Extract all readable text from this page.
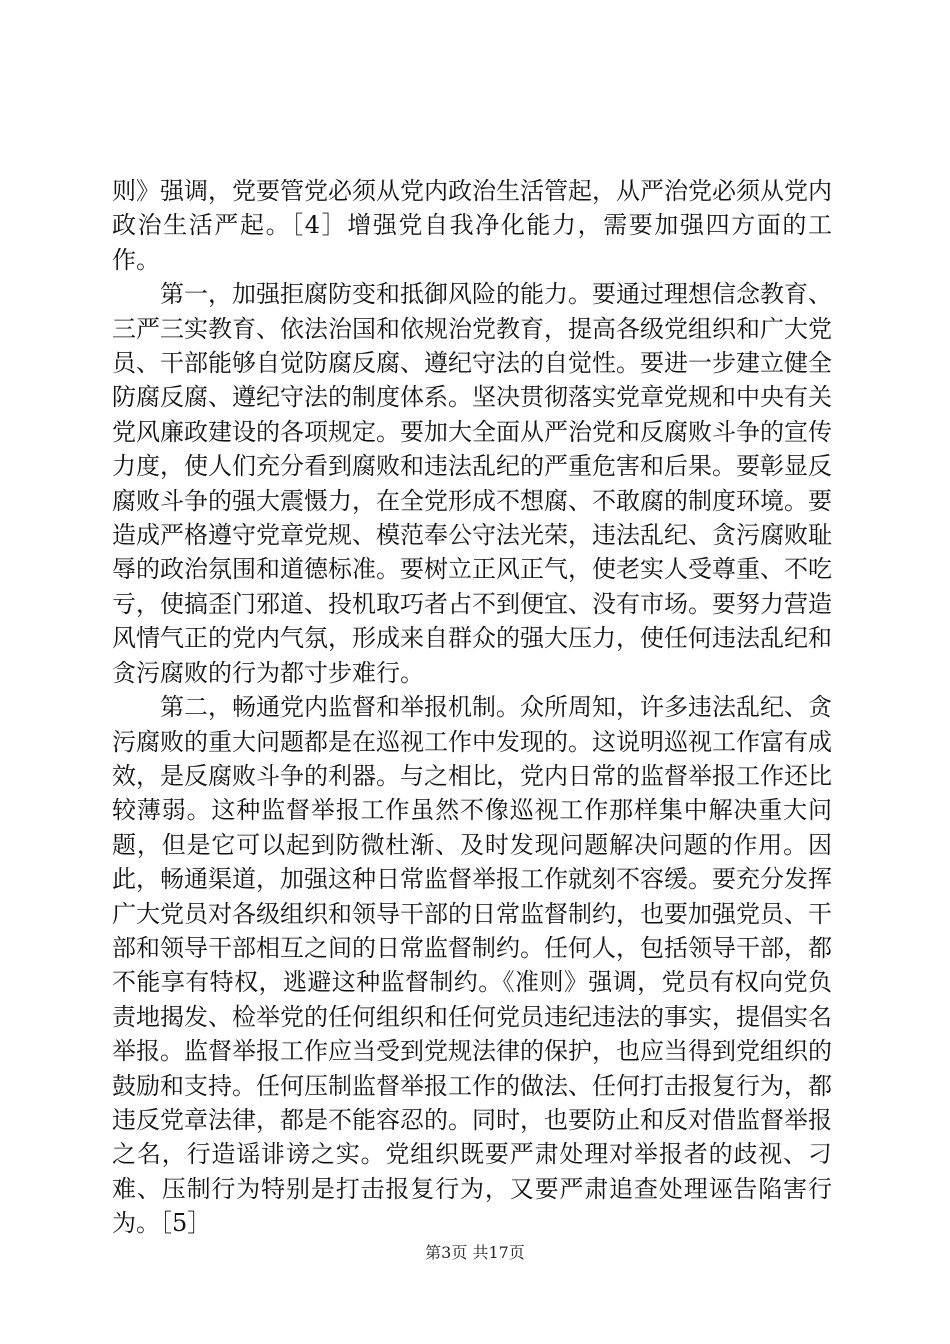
则》强调，党要管党必须从党内政治生活管起，从严治党必须从党内政治生活严起。［4］增强党自我净化能力，需要加强四方面的工作。

第一，加强拒腐防变和抵御风险的能力。要通过理想信念教育、三严三实教育、依法治国和依规治党教育，提高各级党组织和广大党员、干部能够自觉防腐反腐、遵纪守法的自觉性。要进一步建立健全防腐反腐、遵纪守法的制度体系。坚决贯彻落实党章党规和中央有关党风廉政建设的各项规定。要加大全面从严治党和反腐败斗争的宣传力度，使人们充分看到腐败和违法乱纪的严重危害和后果。要彰显反腐败斗争的强大震慑力，在全党形成不想腐、不敢腐的制度环境。要造成严格遵守党章党规、模范奉公守法光荣，违法乱纪、贪污腐败耻辱的政治氛围和道德标准。要树立正风正气，使老实人受尊重、不吃亏，使搞歪门邪道、投机取巧者占不到便宜、没有市场。要努力营造风情气正的党内气氛，形成来自群众的强大压力，使任何违法乱纪和贪污腐败的行为都寸步难行。

第二，畅通党内监督和举报机制。众所周知，许多违法乱纪、贪污腐败的重大问题都是在巡视工作中发现的。这说明巡视工作富有成效，是反腐败斗争的利器。与之相比，党内日常的监督举报工作还比较薄弱。这种监督举报工作虽然不像巡视工作那样集中解决重大问题，但是它可以起到防微杜渐、及时发现问题解决问题的作用。因此，畅通渠道，加强这种日常监督举报工作就刻不容缓。要充分发挥广大党员对各级组织和领导干部的日常监督制约，也要加强党员、干部和领导干部相互之间的日常监督制约。任何人，包括领导干部，都不能享有特权，逃避这种监督制约。《准则》强调，党员有权向党负责地揭发、检举党的任何组织和任何党员违纪违法的事实，提倡实名举报。监督举报工作应当受到党规法律的保护，也应当得到党组织的鼓励和支持。任何压制监督举报工作的做法、任何打击报复行为，都违反党章法律，都是不能容忍的。同时，也要防止和反对借监督举报之名，行造谣诽谤之实。党组织既要严肃处理对举报者的歧视、刁难、压制行为特别是打击报复行为，又要严肃追查处理诬告陷害行为。［5］

第3页 共17页
